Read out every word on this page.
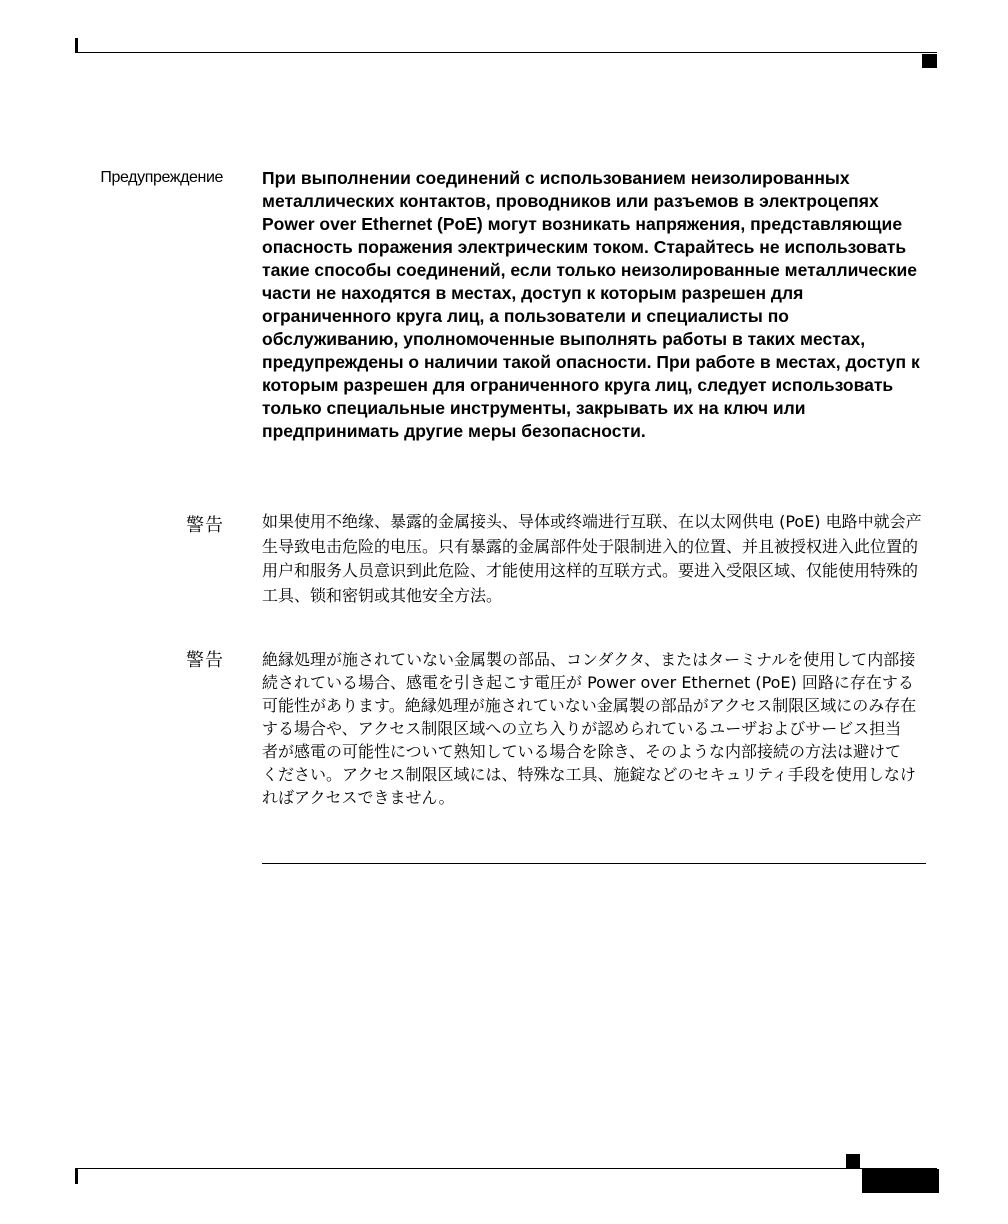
Предупреждение При выполнении соединений с использованием неизолированных металлических контактов, проводников или разъемов в электроцепях Power over Ethernet (PoE) могут возникать напряжения, представляющие опасность поражения электрическим током. Старайтесь не использовать такие способы соединений, если только неизолированные металлические части не находятся в местах, доступ к которым разрешен для ограниченного круга лиц, а пользователи и специалисты по обслуживанию, уполномоченные выполнять работы в таких местах, предупреждены о наличии такой опасности. При работе в местах, доступ к которым разрешен для ограниченного круга лиц, следует использовать только специальные инструменты, закрывать их на ключ или предпринимать другие меры безопасности.

警告 如果使用不绝缘、暴露的金属接头、导体或终端进行互联、在以太网供电 (PoE) 电路中就会产生导致电击危险的电压。只有暴露的金属部件处于限制进入的位置、并且被授权进入此位置的用户和服务人员意识到此危险、才能使用这样的互联方式。要进入受限区域、仅能使用特殊的工具、锁和密钥或其他安全方法。

警告 絶縁処理が施されていない金属製の部品、コンダクタ、またはターミナルを使用して内部接続されている場合、感電を引き起こす電圧が Power over Ethernet (PoE) 回路に存在する可能性があります。絶縁処理が施されていない金属製の部品がアクセス制限区域にのみ存在する場合や、アクセス制限区域への立ち入りが認められているユーザおよびサービス担当者が感電の可能性について熟知している場合を除き、そのような内部接続の方法は避けてください。アクセス制限区域には、特殊な工具、施錠などのセキュリティ手段を使用しなければアクセスできません。
